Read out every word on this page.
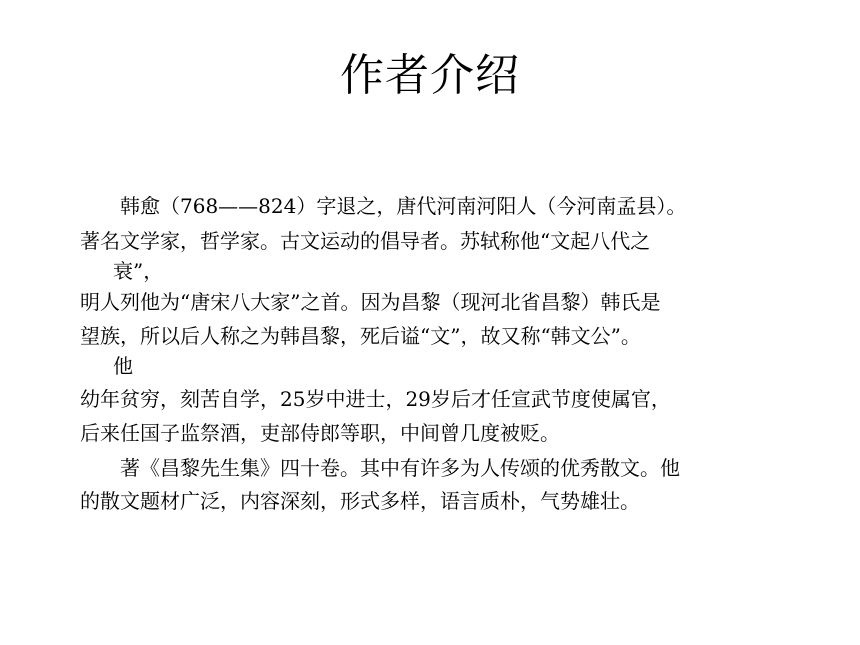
作者介绍
韩愈（768——824）字退之，唐代河南河阳人（今河南孟县）。
著名文学家，哲学家。古文运动的倡导者。苏轼称他“文起八代之
衰”，
明人列他为“唐宋八大家”之首。因为昌黎（现河北省昌黎）韩氏是
望族，所以后人称之为韩昌黎，死后谥“文”，故又称“韩文公”。
他
幼年贫穷，刻苦自学，25岁中进士，29岁后才任宣武节度使属官，
后来任国子监祭酒，吏部侍郎等职，中间曾几度被贬。
著《昌黎先生集》四十卷。其中有许多为人传颂的优秀散文。他
的散文题材广泛，内容深刻，形式多样，语言质朴，气势雄壮。
